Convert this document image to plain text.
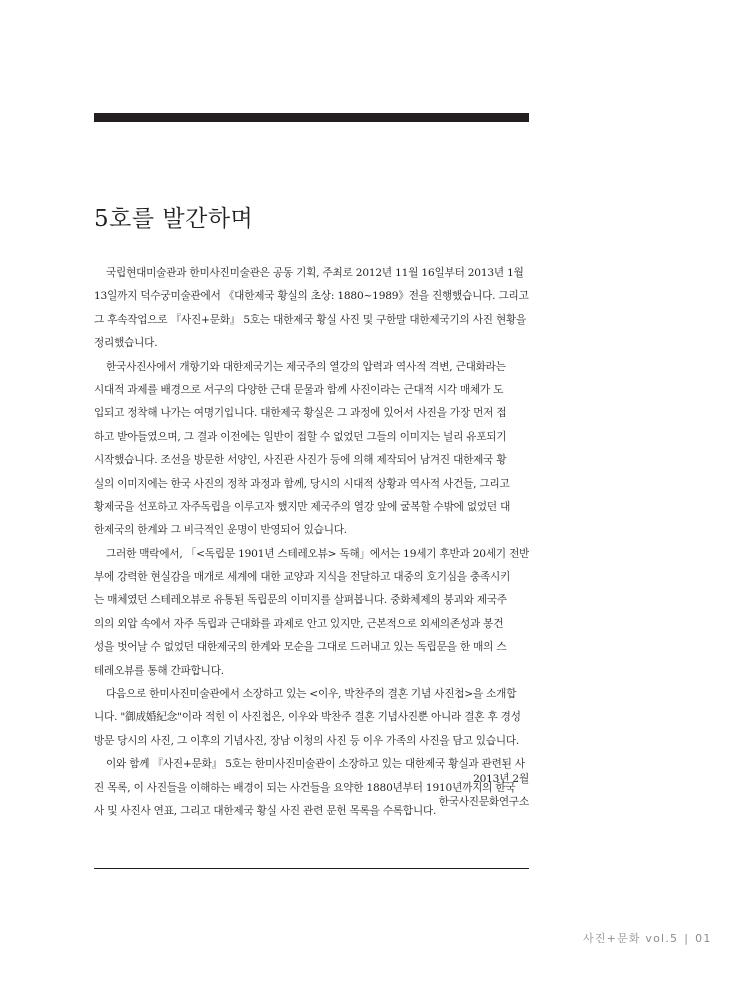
5호를 발간하며
국립현대미술관과 한미사진미술관은 공동 기획, 주최로 2012년 11월 16일부터 2013년 1월
13일까지 덕수궁미술관에서 《대한제국 황실의 초상: 1880~1989》전을 진행했습니다. 그리고
그 후속작업으로 『사진+문화』 5호는 대한제국 황실 사진 및 구한말 대한제국기의 사진 현황을
정리했습니다.
한국사진사에서 개항기와 대한제국기는 제국주의 열강의 압력과 역사적 격변, 근대화라는
시대적 과제를 배경으로 서구의 다양한 근대 문물과 함께 사진이라는 근대적 시각 매체가 도
입되고 정착해 나가는 여명기입니다. 대한제국 황실은 그 과정에 있어서 사진을 가장 먼저 접
하고 받아들였으며, 그 결과 이전에는 일반이 접할 수 없었던 그들의 이미지는 널리 유포되기
시작했습니다. 조선을 방문한 서양인, 사진관 사진가 등에 의해 제작되어 남겨진 대한제국 황
실의 이미지에는 한국 사진의 정착 과정과 함께, 당시의 시대적 상황과 역사적 사건들, 그리고
황제국을 선포하고 자주독립을 이루고자 했지만 제국주의 열강 앞에 굴복할 수밖에 없었던 대
한제국의 한계와 그 비극적인 운명이 반영되어 있습니다.
그러한 맥락에서, 「<독립문 1901년 스테레오뷰> 독해」에서는 19세기 후반과 20세기 전반
부에 강력한 현실감을 매개로 세계에 대한 교양과 지식을 전달하고 대중의 호기심을 충족시키
는 매체였던 스테레오뷰로 유통된 독립문의 이미지를 살펴봅니다. 중화체제의 붕괴와 제국주
의의 외압 속에서 자주 독립과 근대화를 과제로 안고 있지만, 근본적으로 외세의존성과 봉건
성을 벗어날 수 없었던 대한제국의 한계와 모순을 그대로 드러내고 있는 독립문을 한 매의 스
테레오뷰를 통해 간파합니다.
다음으로 한미사진미술관에서 소장하고 있는 <이우, 박찬주의 결혼 기념 사진첩>을 소개합
니다. "御成婚紀念"이라 적힌 이 사진첩은, 이우와 박찬주 결혼 기념사진뿐 아니라 결혼 후 경성
방문 당시의 사진, 그 이후의 기념사진, 장남 이청의 사진 등 이우 가족의 사진을 담고 있습니다.
이와 함께 『사진+문화』 5호는 한미사진미술관이 소장하고 있는 대한제국 황실과 관련된 사
진 목록, 이 사진들을 이해하는 배경이 되는 사건들을 요약한 1880년부터 1910년까지의 한국
사 및 사진사 연표, 그리고 대한제국 황실 사진 관련 문헌 목록을 수록합니다.
2013년 2월
한국사진문화연구소
사진+문화 vol.5 | 01
